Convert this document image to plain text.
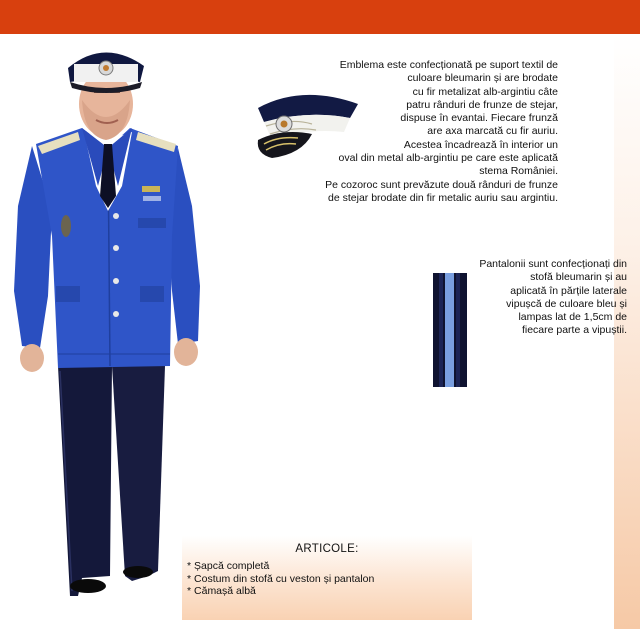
Emblema este confecționată pe suport textil de
culoare bleumarin și are brodate
cu fir metalizat alb-argintiu câte
patru rânduri de frunze de stejar,
dispuse în evantai. Fiecare frunză
are axa marcată cu fir auriu.
Acestea încadrează în interior un
oval din metal alb-argintiu pe care este aplicată
stema României.
Pe cozoroc sunt prevăzute două rânduri de frunze
de stejar brodate din fir metalic auriu sau argintiu.
Pantalonii sunt confecționați din
stofă bleumarin și au
aplicată în părțile laterale
vipușcă de culoare bleu și
lampas lat de 1,5cm de
fiecare parte a vipuștii.
ARTICOLE:
* Șapcă completă
* Costum din stofă cu veston și pantalon
* Cămașă albă
